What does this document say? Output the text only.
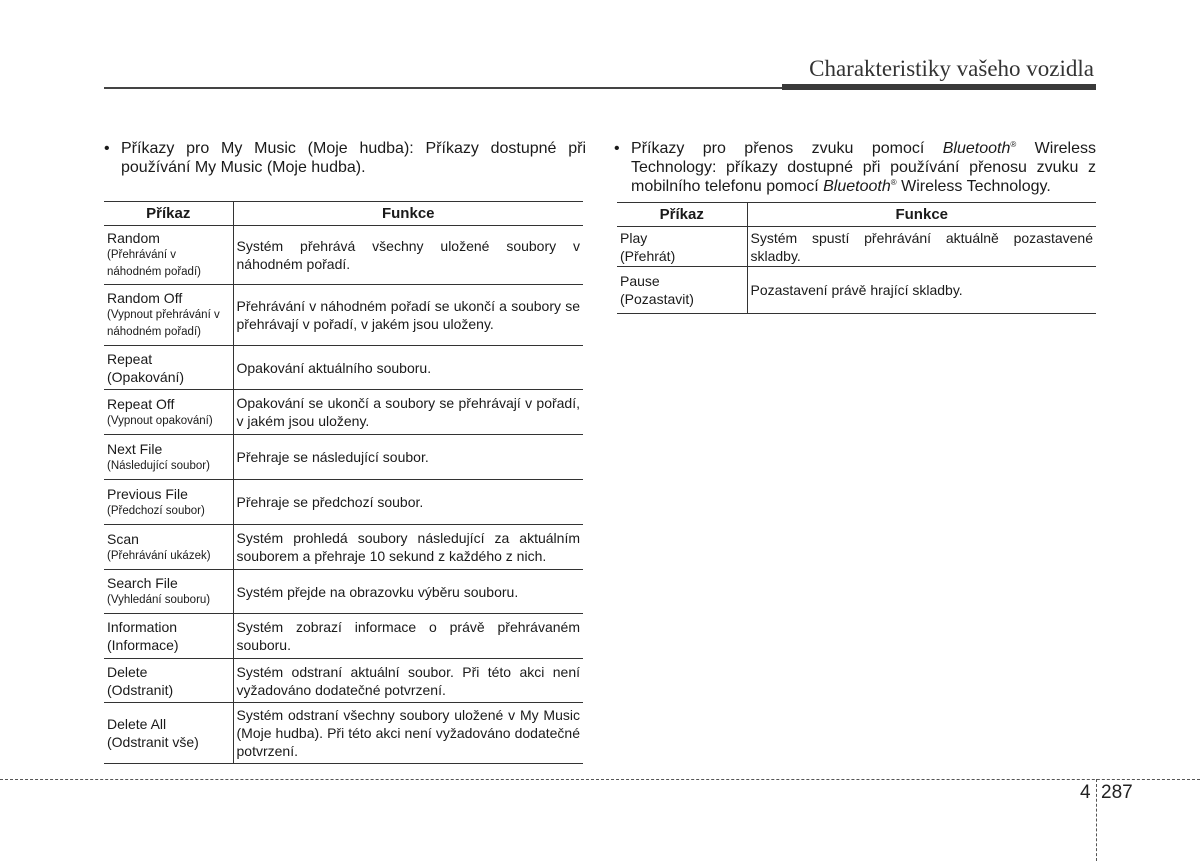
Charakteristiky vašeho vozidla
• Příkazy pro My Music (Moje hudba): Příkazy dostupné při používání My Music (Moje hudba).
• Příkazy pro přenos zvuku pomocí Bluetooth® Wireless Technology: příkazy dostupné při používání přenosu zvuku z mobilního telefonu pomocí Bluetooth® Wireless Technology.
Příkaz	Funkce

Random
(Přehrávání v náhodném pořadí)	Systém přehrává všechny uložené soubory v náhodném pořadí.

Random Off
(Vypnout přehrávání v náhodném pořadí)	Přehrávání v náhodném pořadí se ukončí a soubory se přehrávají v pořadí, v jakém jsou uloženy.

Repeat
(Opakování)	Opakování aktuálního souboru.

Repeat Off
(Vypnout opakování)	Opakování se ukončí a soubory se přehrávají v pořadí, v jakém jsou uloženy.

Next File
(Následující soubor)	Přehraje se následující soubor.

Previous File
(Předchozí soubor)	Přehraje se předchozí soubor.

Scan
(Přehrávání ukázek)	Systém prohledá soubory následující za aktuálním souborem a přehraje 10 sekund z každého z nich.

Search File
(Vyhledání souboru)	Systém přejde na obrazovku výběru souboru.

Information
(Informace)	Systém zobrazí informace o právě přehrávaném souboru.

Delete
(Odstranit)	Systém odstraní aktuální soubor. Při této akci není vyžadováno dodatečné potvrzení.

Delete All
(Odstranit vše)	Systém odstraní všechny soubory uložené v My Music (Moje hudba). Při této akci není vyžadováno dodatečné potvrzení.
Příkaz	Funkce

Play
(Přehrát)	Systém spustí přehrávání aktuálně pozastavené skladby.

Pause
(Pozastavit)	Pozastavení právě hrající skladby.
4 287
